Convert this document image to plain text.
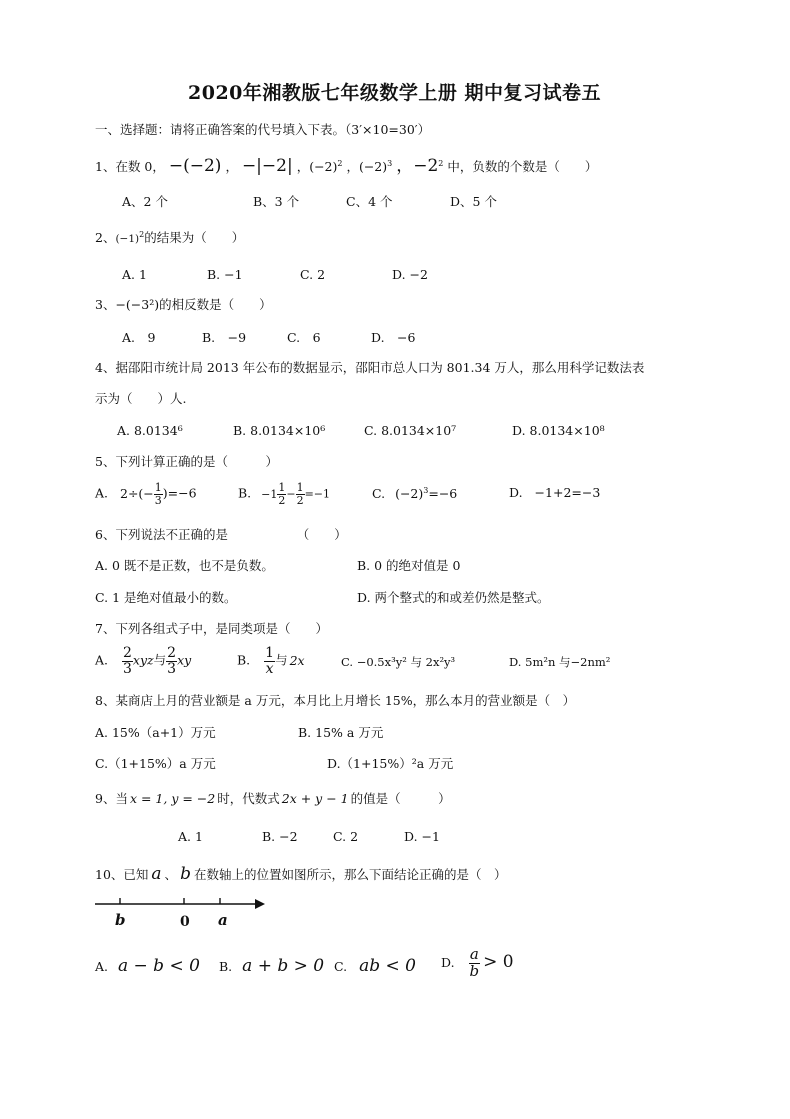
2020年湘教版七年级数学上册 期中复习试卷五
一、选择题：请将正确答案的代号填入下表。（3′×10=30′）
1、在数 0， −(−2) ， −|−2| ，$(-2)^2$ ，$(-2)^3$ ，$-2^2$ 中，负数的个数是（　　）
A、2 个	B、3 个	C、4 个	D、5 个
2、$(-1)^2$的结果为（　　）
A. 1	B. −1	C. 2	D. −2
3、−(−3²)的相反数是（　　）
A.　9	B.　−9	C.　6	D.　−6
4、据邵阳市统计局 2013 年公布的数据显示，邵阳市总人口为 801.34 万人，那么用科学记数法表
示为（　　）人.
A. 8.0134⁶	B. 8.0134×10⁶	C. 8.0134×10⁷	D. 8.0134×10⁸
5、下列计算正确的是（　　　）
A. $2\div(- \frac{1}{3} )=-6$	B. $-1 \frac{1}{2} - \frac{1}{2} =-1$	C. $(-2)^3=-6$	D. −1+2=−3
6、下列说法不正确的是　　　　　　（　　）
A. 0 既不是正数，也不是负数。	B. 0 的绝对值是 0
C. 1 是绝对值最小的数。	D. 两个整式的和或差仍然是整式。
7、下列各组式子中，是同类项是（　　）
A. $\frac{2}{3}$ xyz与 $\frac{2}{3}$ xy	B. $\frac{1}{x}$ 与 2x	C. −0.5x³y² 与 2x²y³	D. 5m²n 与−2nm²
8、某商店上月的营业额是 a 万元，本月比上月增长 15%，那么本月的营业额是（　）
A. 15%（a+1）万元	B. 15% a 万元
C.（1+15%）a 万元	D.（1+15%）²a 万元
9、当 x = 1, y = −2 时，代数式 2x + y − 1 的值是（　　　）
A. 1	B. −2	C. 2	D. −1
10、已知 a 、 b 在数轴上的位置如图所示，那么下面结论正确的是（　）
b	0 a
A. a − b < 0 B. a + b > 0 C. ab < 0 D. $\frac{a}{b} > 0$
